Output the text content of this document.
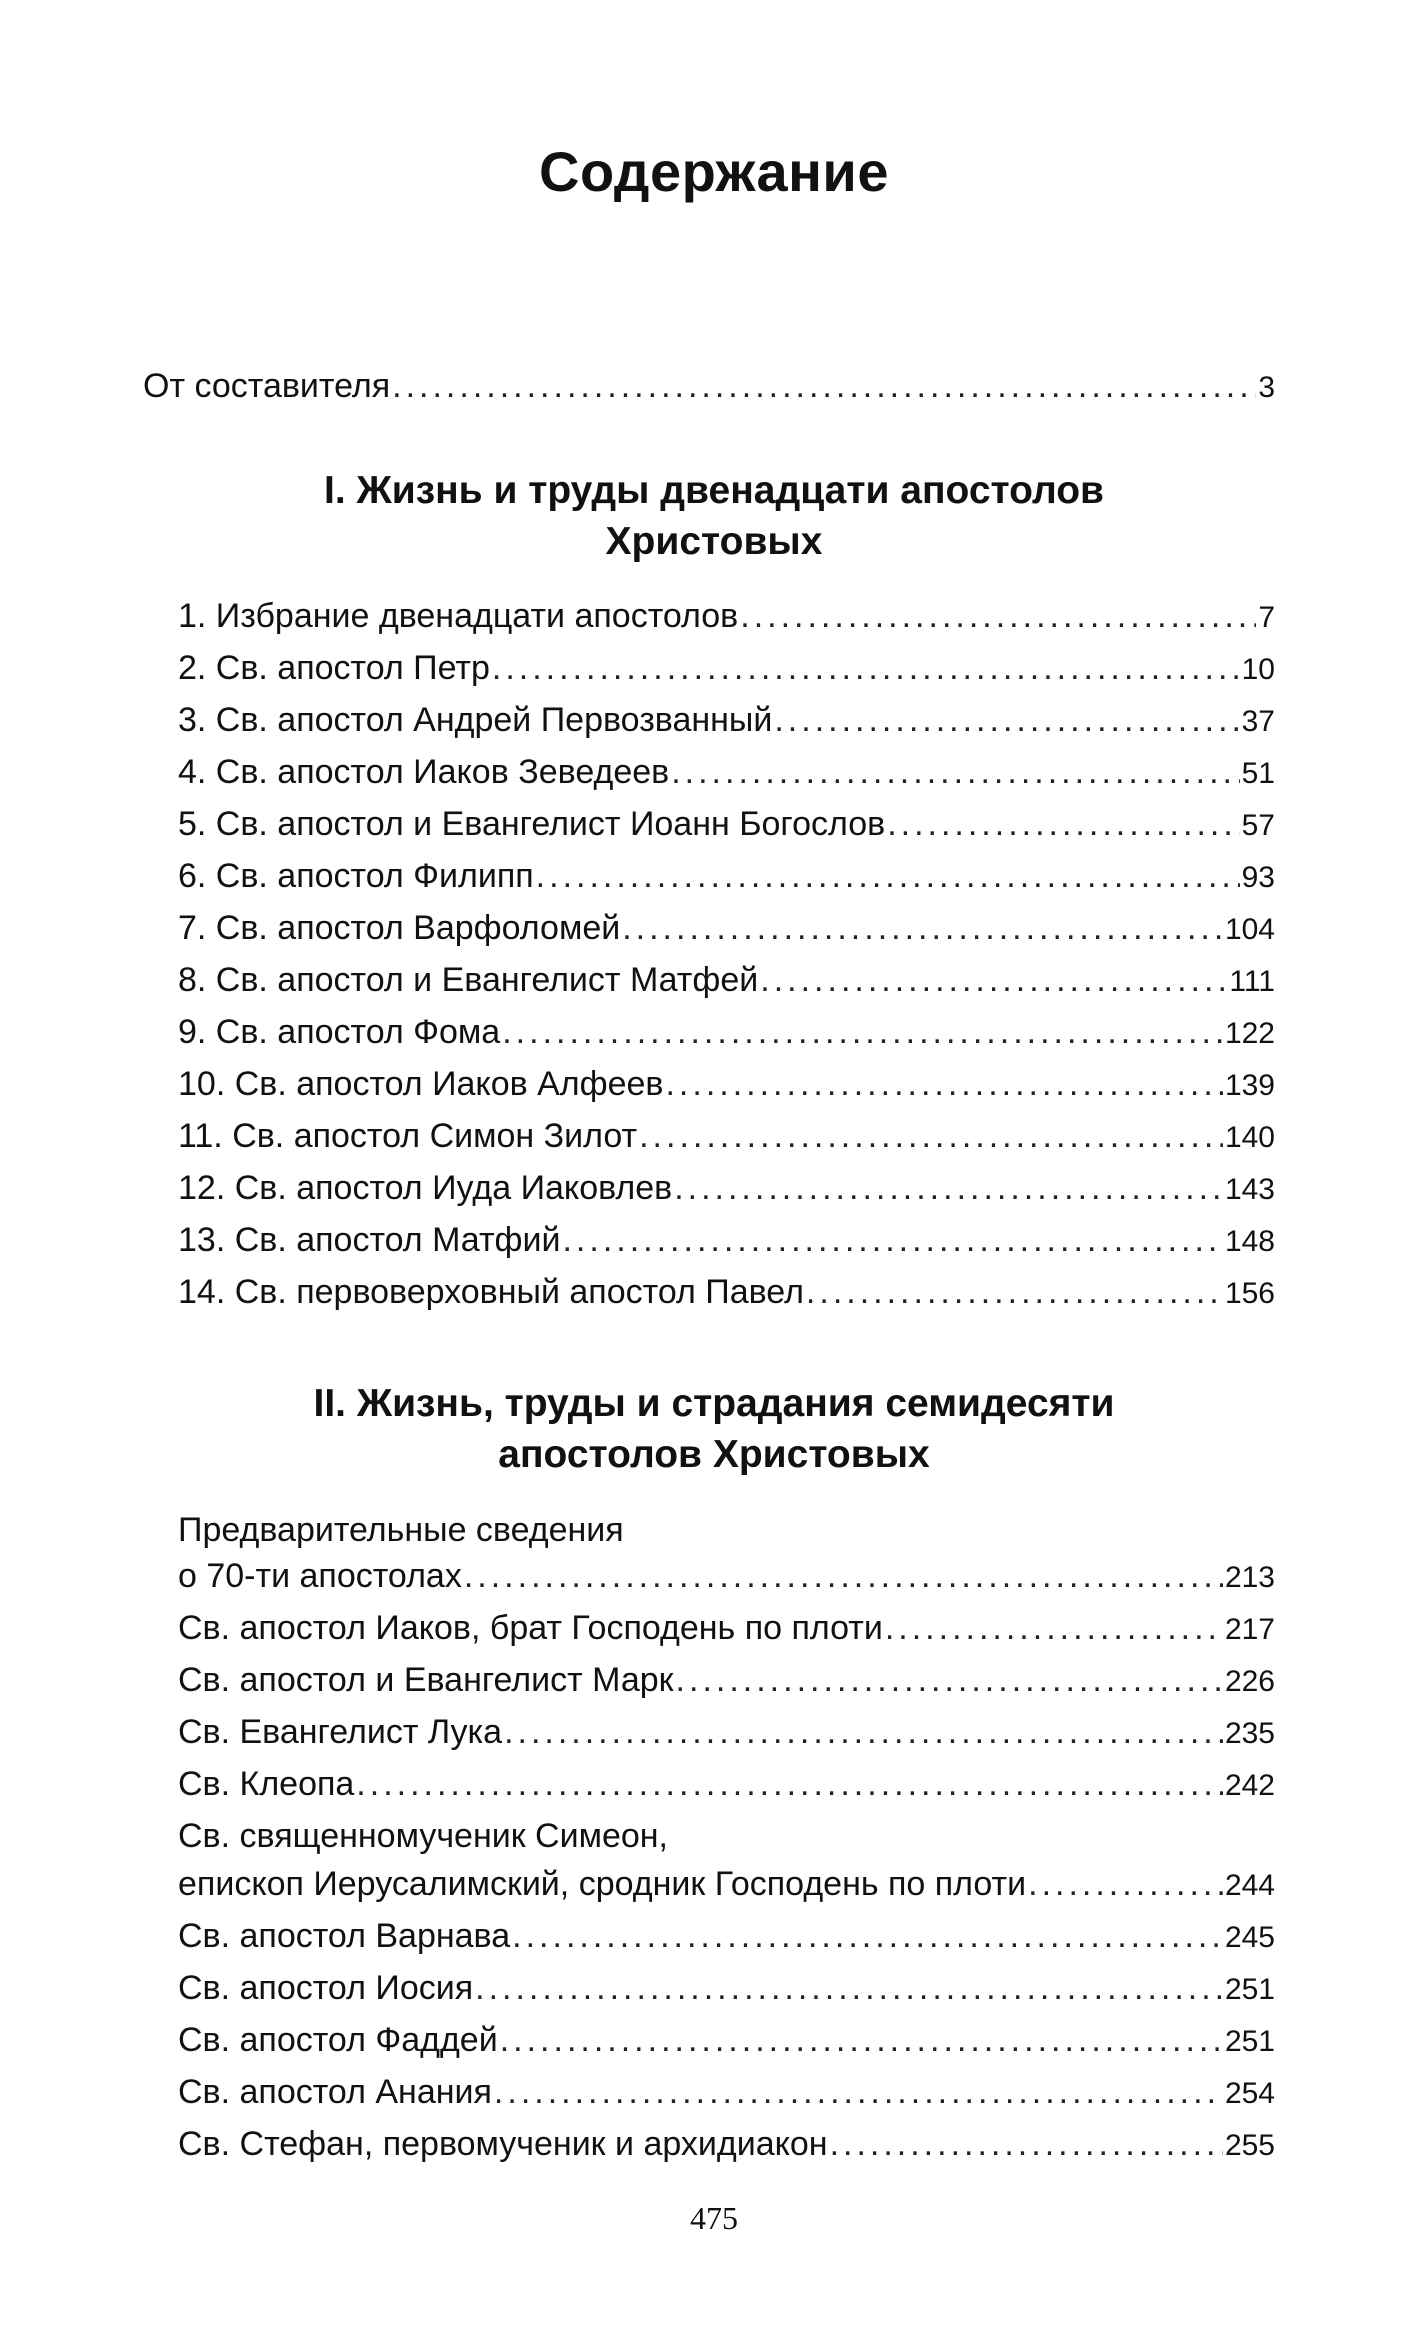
Содержание
От составителя .....	3
I. Жизнь и труды двенадцати апостолов
Христовых
1. Избрание двенадцати апостолов .....	7
2. Св. апостол Петр .....	10
3. Св. апостол Андрей Первозванный .....	37
4. Св. апостол Иаков Зеведеев .....	51
5. Св. апостол и Евангелист Иоанн Богослов .....	57
6. Св. апостол Филипп .....	93
7. Св. апостол Варфоломей .....	104
8. Св. апостол и Евангелист Матфей .....	111
9. Св. апостол Фома .....	122
10. Св. апостол Иаков Алфеев .....	139
11. Св. апостол Симон Зилот .....	140
12. Св. апостол Иуда Иаковлев .....	143
13. Св. апостол Матфий .....	148
14. Св. первоверховный апостол Павел .....	156
II. Жизнь, труды и страдания семидесяти
апостолов Христовых
Предварительные сведения
о 70-ти апостолах .....	213
Св. апостол Иаков, брат Господень по плоти .....	217
Св. апостол и Евангелист Марк .....	226
Св. Евангелист Лука .....	235
Св. Клеопа .....	242
Св. священномученик Симеон,
епископ Иерусалимский, сродник Господень по плоти .....	244
Св. апостол Варнава .....	245
Св. апостол Иосия .....	251
Св. апостол Фаддей .....	251
Св. апостол Анания .....	254
Св. Стефан, первомученик и архидиакон .....	255
475
